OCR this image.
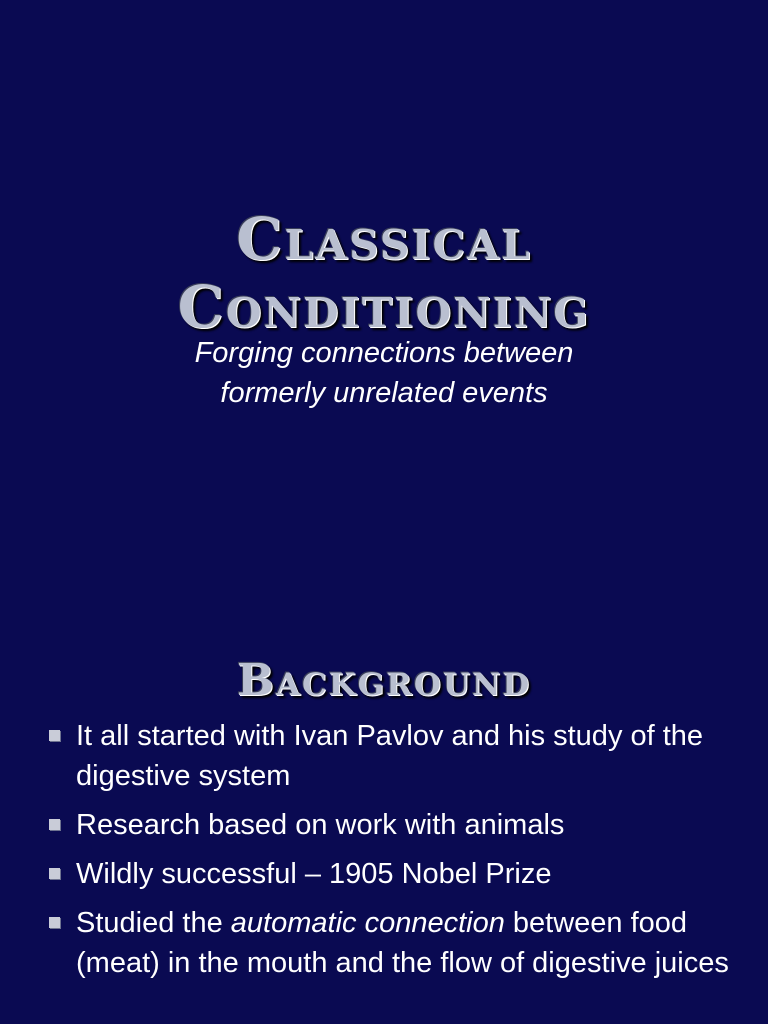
Classical
Conditioning
Forging connections between
formerly unrelated events
Background
It all started with Ivan Pavlov and his study of the digestive system
Research based on work with animals
Wildly successful – 1905 Nobel Prize
Studied the automatic connection between food (meat) in the mouth and the flow of digestive juices
